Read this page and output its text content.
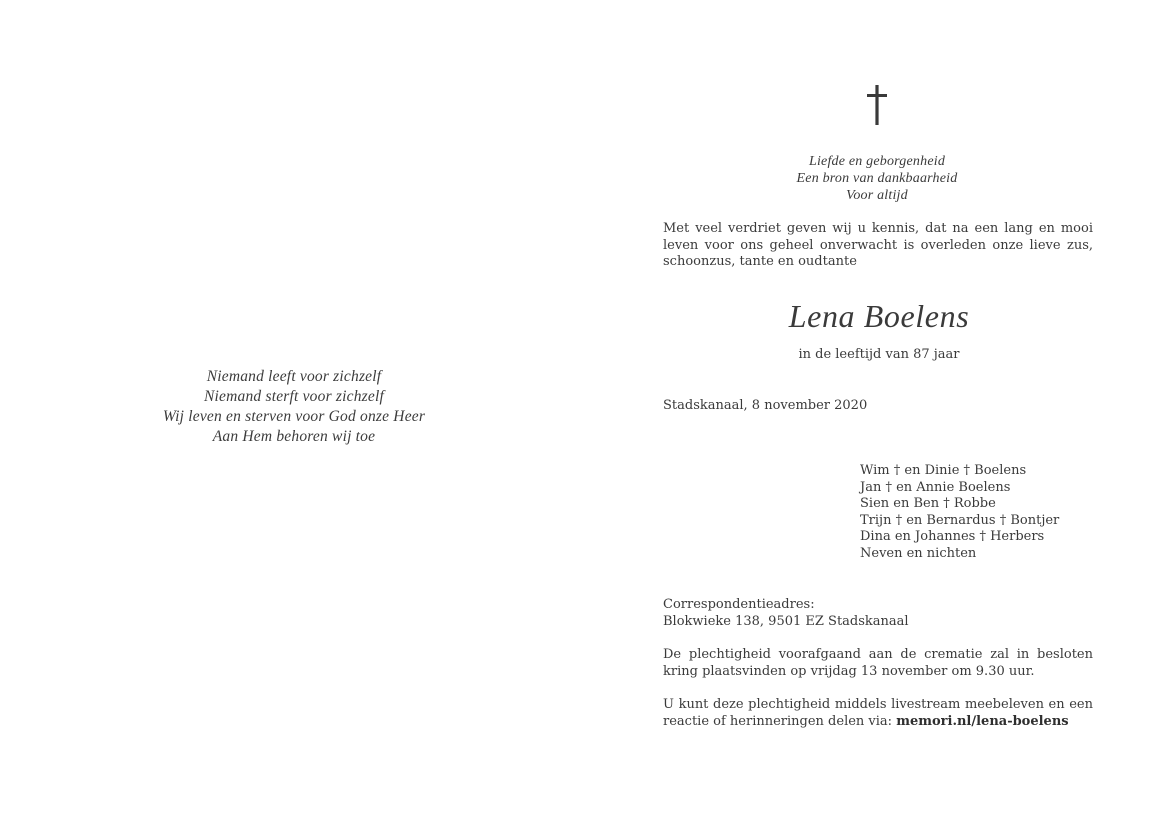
Niemand leeft voor zichzelf
Niemand sterft voor zichzelf
Wij leven en sterven voor God onze Heer
Aan Hem behoren wij toe
Liefde en geborgenheid
Een bron van dankbaarheid
Voor altijd
Met veel verdriet geven wij u kennis, dat na een lang en mooi leven voor ons geheel onverwacht is overleden onze lieve zus, schoonzus, tante en oudtante
Lena Boelens
in de leeftijd van 87 jaar
Stadskanaal, 8 november 2020
Wim † en Dinie † Boelens
Jan † en Annie Boelens
Sien en Ben † Robbe
Trijn † en Bernardus † Bontjer
Dina en Johannes † Herbers
Neven en nichten
Correspondentieadres:
Blokwieke 138, 9501 EZ Stadskanaal
De plechtigheid voorafgaand aan de crematie zal in besloten kring plaatsvinden op vrijdag 13 november om 9.30 uur.
U kunt deze plechtigheid middels livestream meebeleven en een reactie of herinneringen delen via: memori.nl/lena-boelens
